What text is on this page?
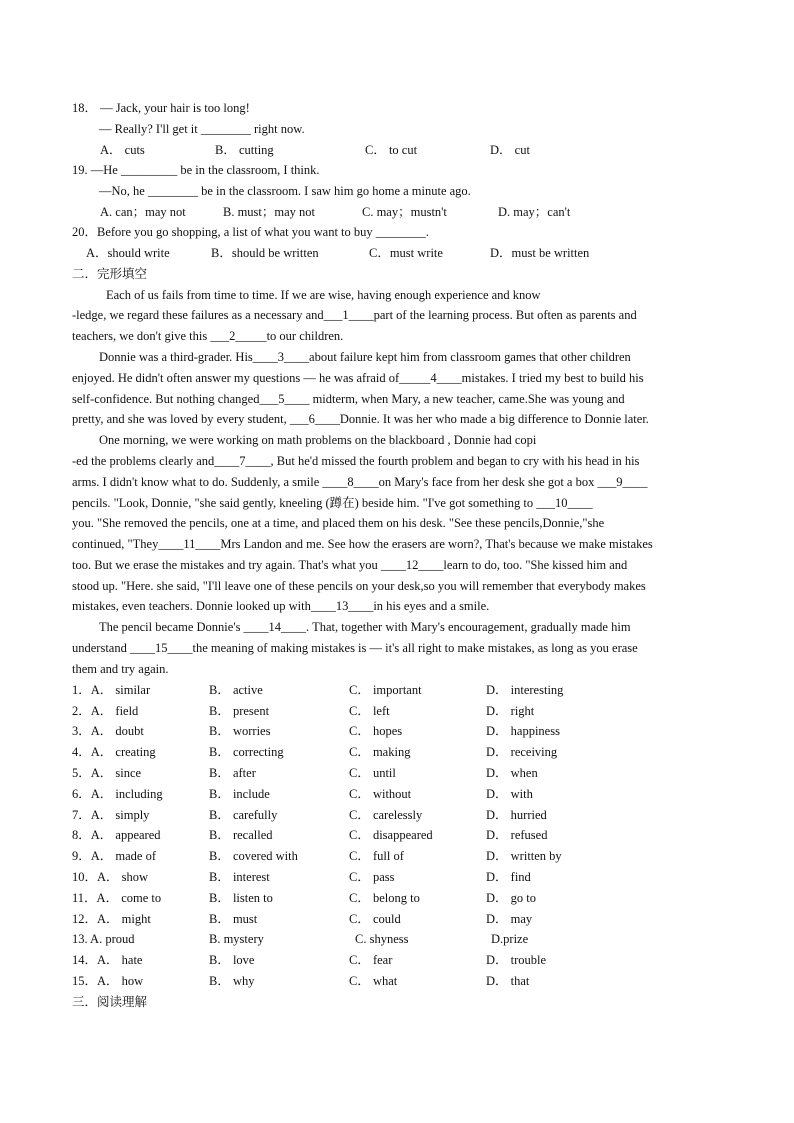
18． — Jack, your hair is too long!
— Really? I'll get it ________ right now.
A． cuts	B． cutting	C． to cut	D． cut
19. —He _________ be in the classroom, I think.
—No, he ________ be in the classroom. I saw him go home a minute ago.
A. can；may not	B. must；may not	C. may；mustn't	D. may；can't
20．Before you go shopping, a list of what you want to buy ________.
A．should write	B．should be written	C．must write	D．must be written
二．完形填空
Each of us fails from time to time. If we are wise, having enough experience and know
-ledge, we regard these failures as a necessary and___1____part of the learning process. But often as parents and
teachers, we don't give this ___2_____to our children.
Donnie was a third-grader. His____3____about failure kept him from classroom games that other children
enjoyed. He didn't often answer my questions — he was afraid of_____4____mistakes. I tried my best to build his
self-confidence. But nothing changed___5____ midterm, when Mary, a new teacher, came.She was young and
pretty, and she was loved by every student, ___6____Donnie. It was her who made a big difference to Donnie later.
One morning, we were working on math problems on the blackboard , Donnie had copi
-ed the problems clearly and____7____, But he'd missed the fourth problem and began to cry with his head in his
arms. I didn't know what to do. Suddenly, a smile ____8____on Mary's face from her desk she got a box ___9____
pencils. "Look, Donnie, "she said gently, kneeling (蹲在) beside him. "I've got something to ___10____
you. "She removed the pencils, one at a time, and placed them on his desk. "See these pencils,Donnie,"she
continued, "They____11____Mrs Landon and me. See how the erasers are worn?, That's because we make mistakes
too. But we erase the mistakes and try again. That's what you ____12____learn to do, too. "She kissed him and
stood up. "Here. she said, "I'll leave one of these pencils on your desk,so you will remember that everybody makes
mistakes, even teachers. Donnie looked up with____13____in his eyes and a smile.
The pencil became Donnie's ____14____. That, together with Mary's encouragement, gradually made him
understand ____15____the meaning of making mistakes is — it's all right to make mistakes, as long as you erase
them and try again.
1．A． similar	B． active	C． important	D． interesting
2．A． field	B． present	C． left	D． right
3．A． doubt	B． worries	C． hopes	D． happiness
4．A． creating	B． correcting	C． making	D． receiving
5．A． since	B． after	C． until	D． when
6．A． including	B． include	C． without	D． with
7．A． simply	B． carefully	C． carelessly	D． hurried
8．A． appeared	B． recalled	C． disappeared	D． refused
9．A． made of	B． covered with	C． full of	D． written by
10．A． show	B． interest	C． pass	D． find
11．A． come to	B． listen to	C． belong to	D． go to
12．A． might	B． must	C． could	D． may
13. A. proud	B. mystery	C. shyness	D.prize
14．A． hate	B． love	C． fear	D． trouble
15．A． how	B． why	C． what	D． that
三．阅读理解
